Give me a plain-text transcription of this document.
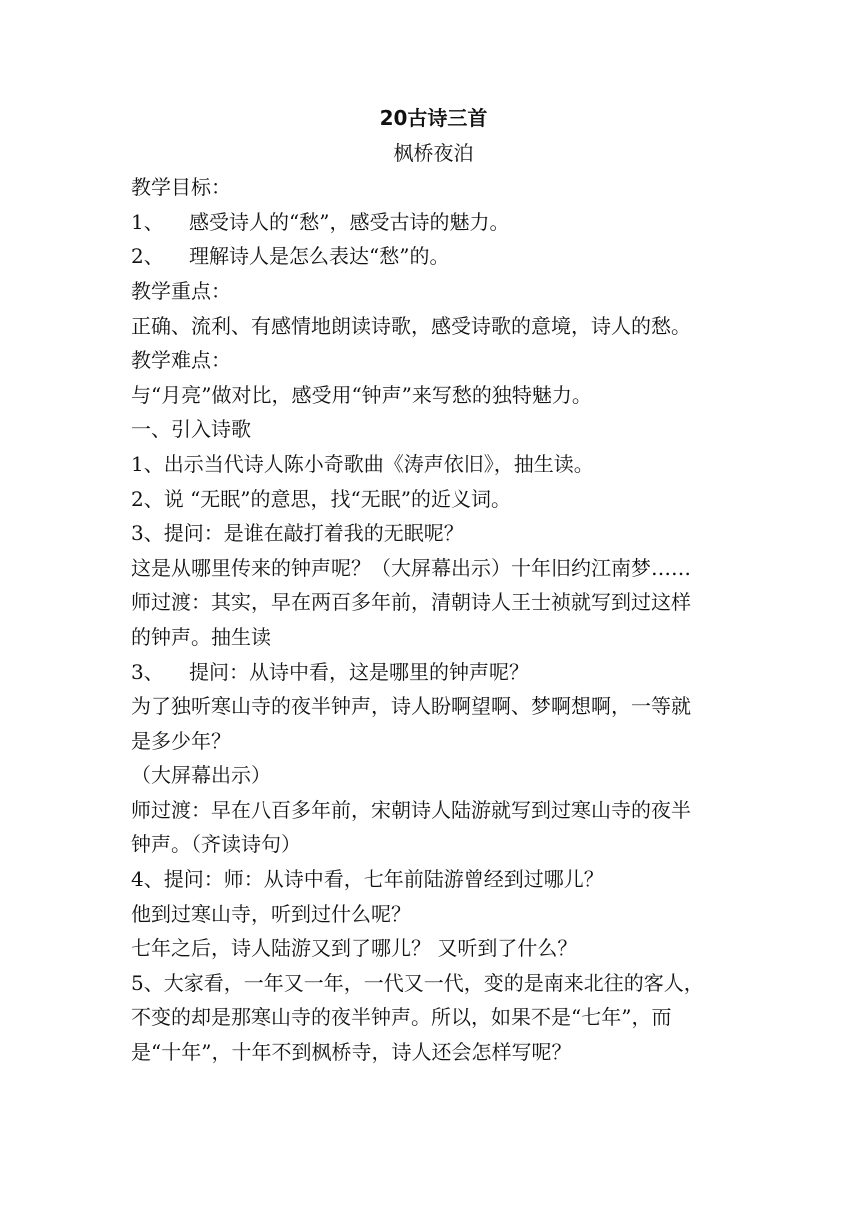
20古诗三首
枫桥夜泊
教学目标：
1、 感受诗人的“愁”，感受古诗的魅力。
2、 理解诗人是怎么表达“愁”的。
教学重点：
正确、流利、有感情地朗读诗歌，感受诗歌的意境，诗人的愁。
教学难点：
与“月亮”做对比，感受用“钟声”来写愁的独特魅力。
一、引入诗歌
1、出示当代诗人陈小奇歌曲《涛声依旧》，抽生读。
2、说 “无眠”的意思，找“无眠”的近义词。
3、提问：是谁在敲打着我的无眠呢？
这是从哪里传来的钟声呢？（大屏幕出示）十年旧约江南梦……
师过渡：其实，早在两百多年前，清朝诗人王士祯就写到过这样
的钟声。抽生读
3、 提问：从诗中看，这是哪里的钟声呢？
为了独听寒山寺的夜半钟声，诗人盼啊望啊、梦啊想啊，一等就
是多少年？
（大屏幕出示）
师过渡：早在八百多年前，宋朝诗人陆游就写到过寒山寺的夜半
钟声。（齐读诗句）
4、提问：师：从诗中看，七年前陆游曾经到过哪儿？
他到过寒山寺，听到过什么呢？
七年之后，诗人陆游又到了哪儿？ 又听到了什么？
5、大家看，一年又一年，一代又一代，变的是南来北往的客人，
不变的却是那寒山寺的夜半钟声。所以，如果不是“七年”，而
是“十年”，十年不到枫桥寺，诗人还会怎样写呢？
